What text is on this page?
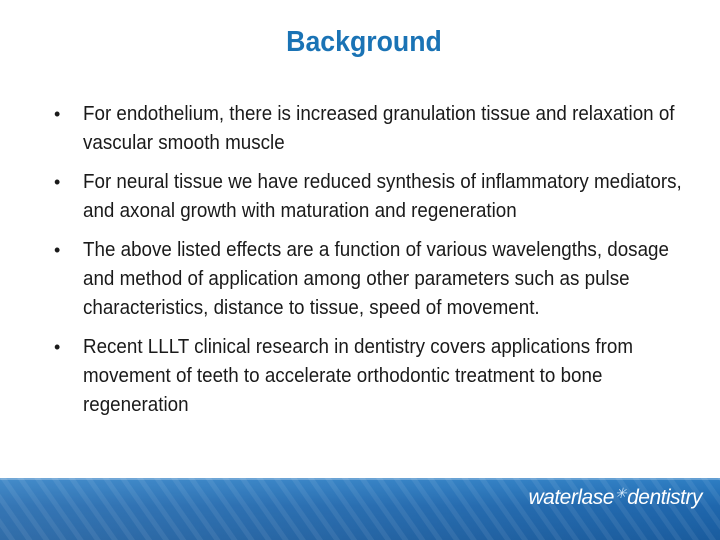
Background
• For endothelium, there is increased granulation tissue and relaxation of vascular smooth muscle
• For neural tissue we have reduced synthesis of inflammatory mediators, and axonal growth with maturation and regeneration
• The above listed effects are a function of various wavelengths, dosage and method of application among other parameters such as pulse characteristics, distance to tissue, speed of movement.
• Recent LLLT clinical research in dentistry covers applications from movement of teeth to accelerate orthodontic treatment to bone regeneration
waterlase✳dentistry
